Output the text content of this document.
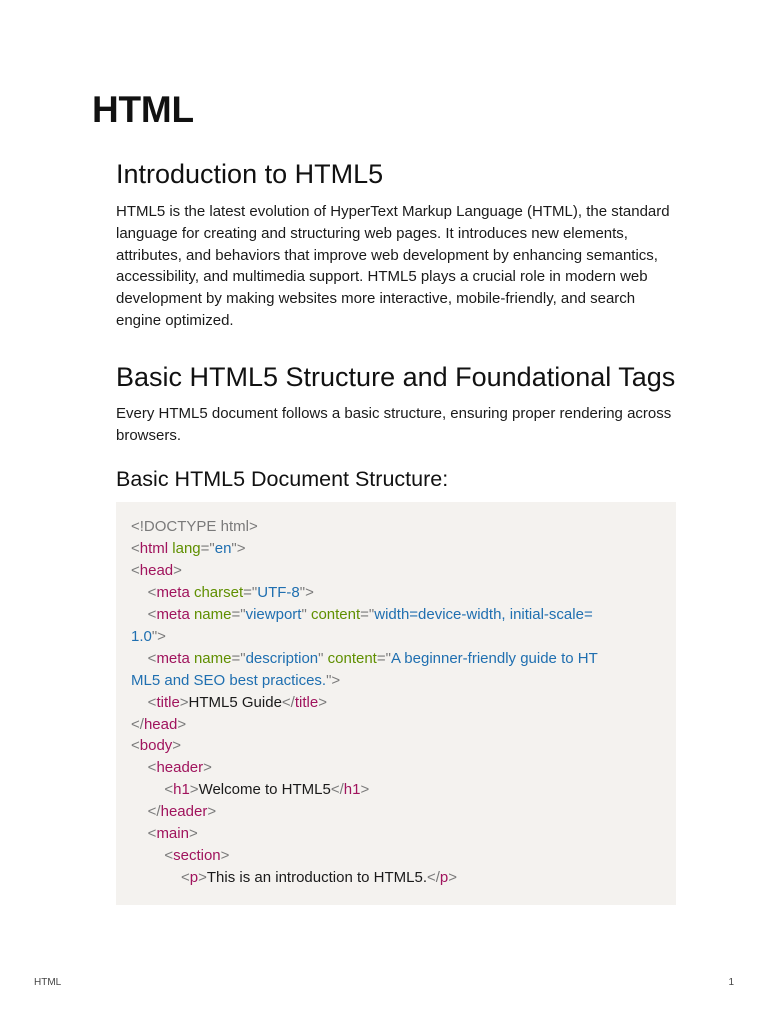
HTML
Introduction to HTML5

HTML5 is the latest evolution of HyperText Markup Language (HTML), the standard language for creating and structuring web pages. It introduces new elements, attributes, and behaviors that improve web development by enhancing semantics, accessibility, and multimedia support. HTML5 plays a crucial role in modern web development by making websites more interactive, mobile-friendly, and search engine optimized.

Basic HTML5 Structure and Foundational Tags

Every HTML5 document follows a basic structure, ensuring proper rendering across browsers.

Basic HTML5 Document Structure:
<!DOCTYPE html>
<html lang="en">
<head>
<meta charset="UTF-8">
<meta name="viewport" content="width=device-width, initial-scale=
1.0">
<meta name="description" content="A beginner-friendly guide to HT
ML5 and SEO best practices.">
<title>HTML5 Guide</title>
</head>
<body>
<header>
<h1>Welcome to HTML5</h1>
</header>
<main>
<section>
<p>This is an introduction to HTML5.</p>
HTML	1
